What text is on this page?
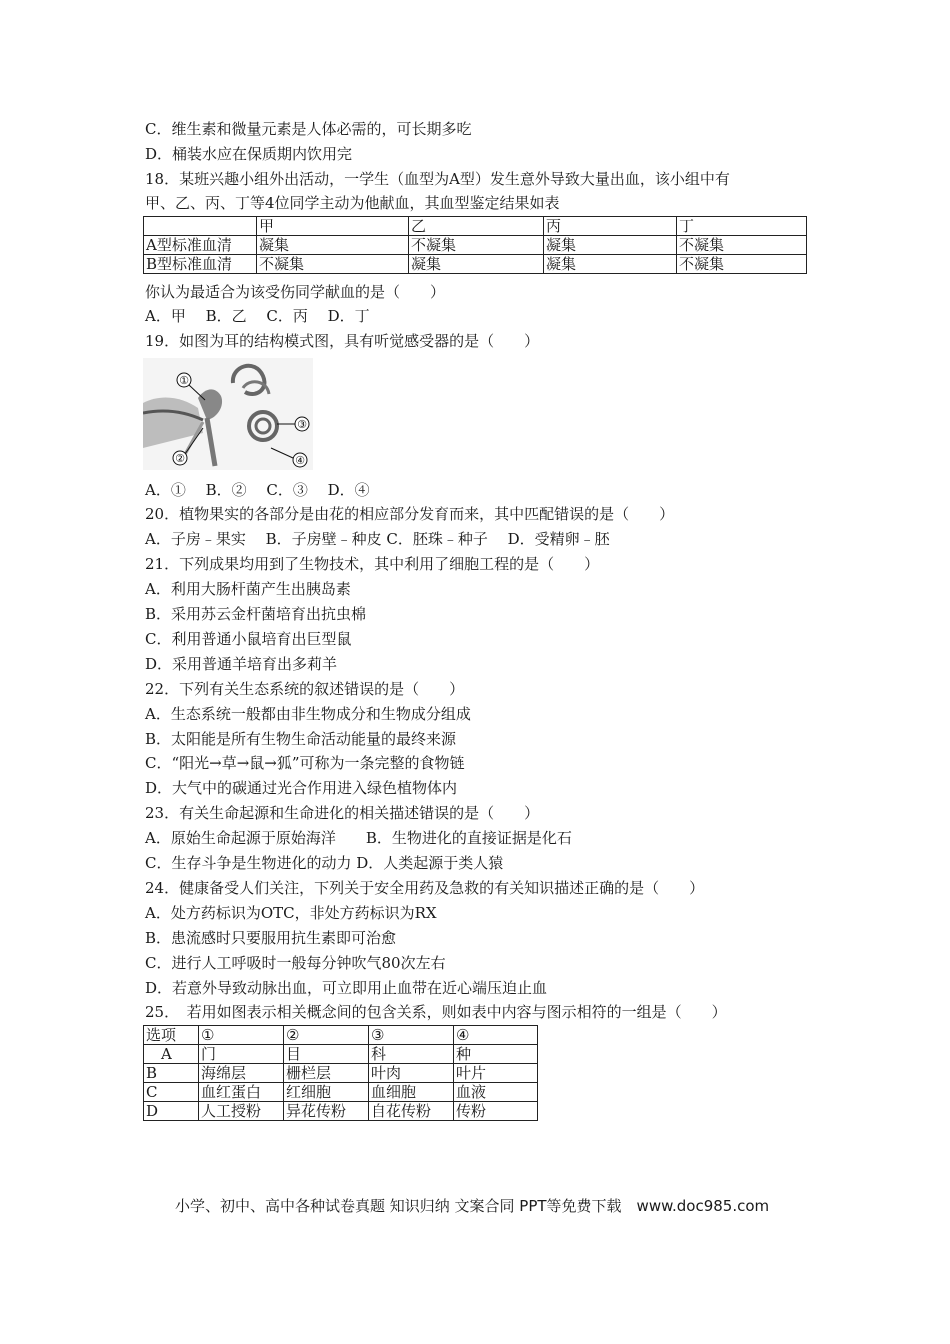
C．维生素和微量元素是人体必需的，可长期多吃
D．桶装水应在保质期内饮用完
18．某班兴趣小组外出活动，一学生（血型为A型）发生意外导致大量出血，该小组中有
甲、乙、丙、丁等4位同学主动为他献血，其血型鉴定结果如表
	甲	乙	丙	丁
A型标准血清	凝集	不凝集	凝集	不凝集
B型标准血清	不凝集	凝集	凝集	不凝集
你认为最适合为该受伤同学献血的是（　　）
A．甲　 B．乙　 C．丙　 D．丁
19．如图为耳的结构模式图，具有听觉感受器的是（　　）
①
②
③
④
A．①　 B．②　 C．③　 D．④
20．植物果实的各部分是由花的相应部分发育而来，其中匹配错误的是（　　）
A．子房﹣果实　 B．子房壁﹣种皮 C．胚珠﹣种子　 D．受精卵﹣胚
21．下列成果均用到了生物技术，其中利用了细胞工程的是（　　）
A．利用大肠杆菌产生出胰岛素
B．采用苏云金杆菌培育出抗虫棉
C．利用普通小鼠培育出巨型鼠
D．采用普通羊培育出多莉羊
22．下列有关生态系统的叙述错误的是（　　）
A．生态系统一般都由非生物成分和生物成分组成
B．太阳能是所有生物生命活动能量的最终来源
C．“阳光→草→鼠→狐”可称为一条完整的食物链
D．大气中的碳通过光合作用进入绿色植物体内
23．有关生命起源和生命进化的相关描述错误的是（　　）
A．原始生命起源于原始海洋　　B．生物进化的直接证据是化石
C．生存斗争是生物进化的动力 D．人类起源于类人猿
24．健康备受人们关注，下列关于安全用药及急救的有关知识描述正确的是（　　）
A．处方药标识为OTC，非处方药标识为RX
B．患流感时只要服用抗生素即可治愈
C．进行人工呼吸时一般每分钟吹气80次左右
D．若意外导致动脉出血，可立即用止血带在近心端压迫止血
25．　若用如图表示相关概念间的包含关系，则如表中内容与图示相符的一组是（　　）
选项	①	②	③	④
　A	门	目	科	种
B	海绵层	栅栏层	叶肉	叶片
C	血红蛋白	红细胞	血细胞	血液
D	人工授粉	异花传粉	自花传粉	传粉
小学、初中、高中各种试卷真题 知识归纳 文案合同 PPT等免费下载　www.doc985.com
